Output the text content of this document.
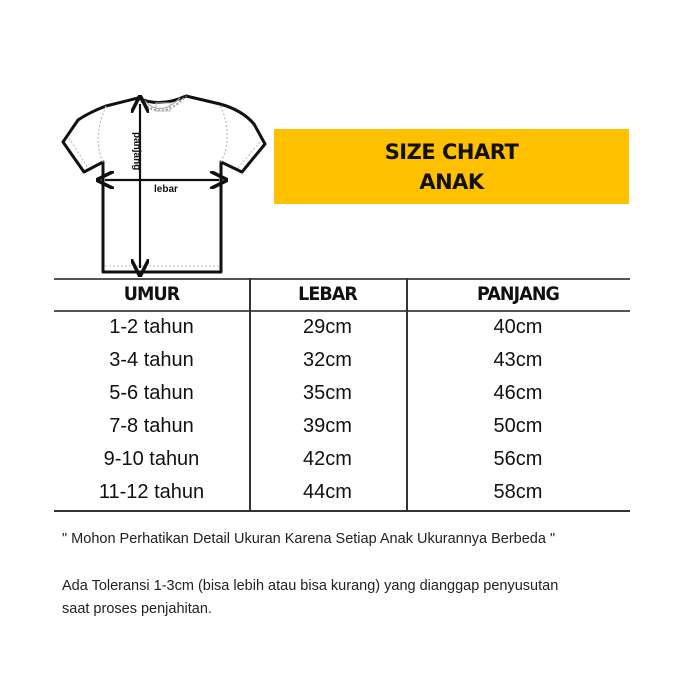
lebar
panjang	SIZE CHART
ANAK
UMUR	LEBAR	PANJANG
1-2 tahun	29cm	40cm
3-4 tahun	32cm	43cm
5-6 tahun	35cm	46cm
7-8 tahun	39cm	50cm
9-10 tahun	42cm	56cm
11-12 tahun	44cm	58cm
" Mohon Perhatikan Detail Ukuran Karena Setiap Anak Ukurannya Berbeda "
Ada Toleransi 1-3cm (bisa lebih atau bisa kurang) yang dianggap penyusutan
saat proses penjahitan.
